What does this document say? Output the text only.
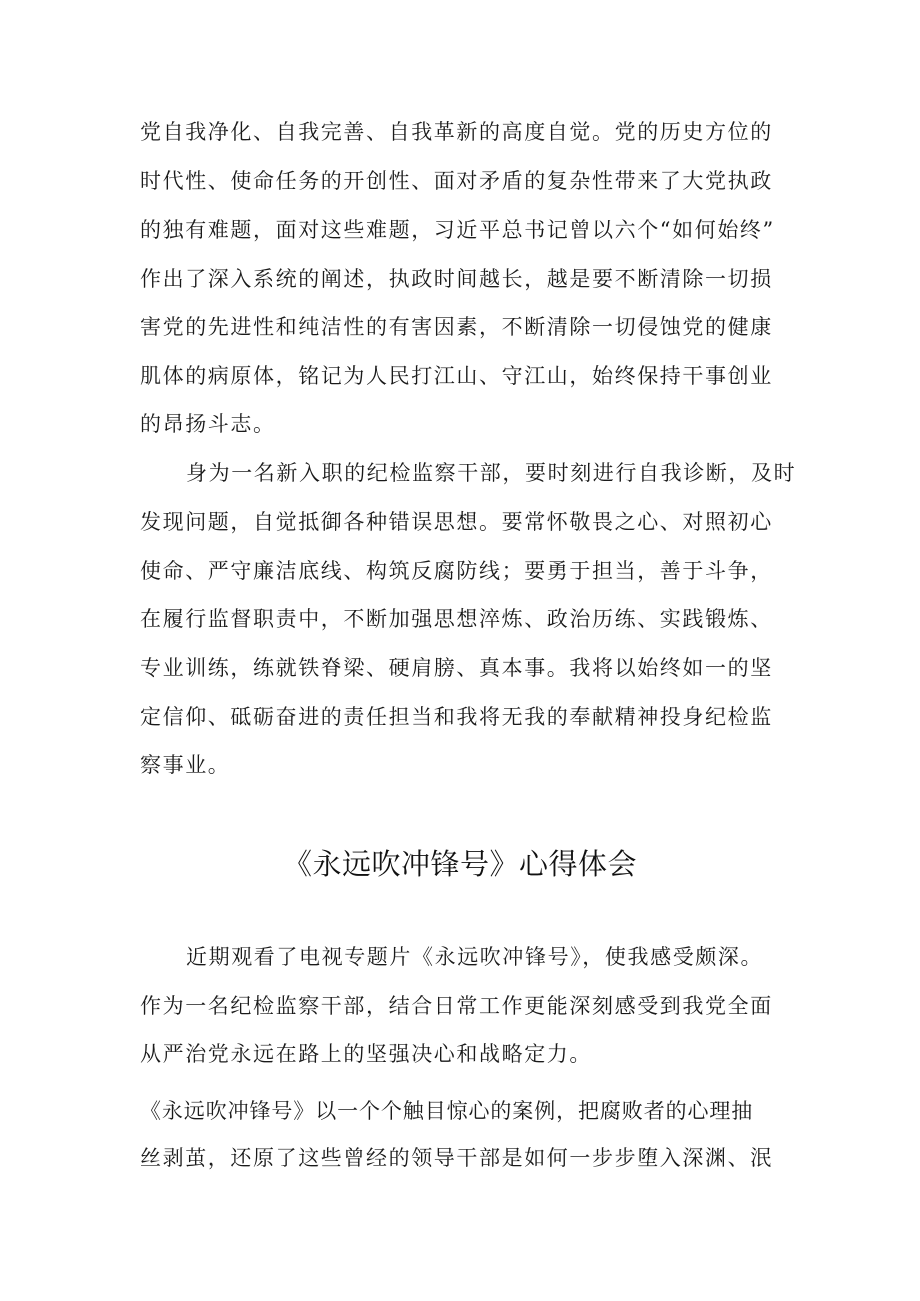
党自我净化、自我完善、自我革新的高度自觉。党的历史方位的
时代性、使命任务的开创性、面对矛盾的复杂性带来了大党执政
的独有难题，面对这些难题，习近平总书记曾以六个“如何始终”
作出了深入系统的阐述，执政时间越长，越是要不断清除一切损
害党的先进性和纯洁性的有害因素，不断清除一切侵蚀党的健康
肌体的病原体，铭记为人民打江山、守江山，始终保持干事创业
的昂扬斗志。
身为一名新入职的纪检监察干部，要时刻进行自我诊断，及时
发现问题，自觉抵御各种错误思想。要常怀敬畏之心、对照初心
使命、严守廉洁底线、构筑反腐防线；要勇于担当，善于斗争，
在履行监督职责中，不断加强思想淬炼、政治历练、实践锻炼、
专业训练，练就铁脊梁、硬肩膀、真本事。我将以始终如一的坚
定信仰、砥砺奋进的责任担当和我将无我的奉献精神投身纪检监
察事业。
《永远吹冲锋号》心得体会
近期观看了电视专题片《永远吹冲锋号》，使我感受颇深。
作为一名纪检监察干部，结合日常工作更能深刻感受到我党全面
从严治党永远在路上的坚强决心和战略定力。
《永远吹冲锋号》以一个个触目惊心的案例，把腐败者的心理抽
丝剥茧，还原了这些曾经的领导干部是如何一步步堕入深渊、泯
